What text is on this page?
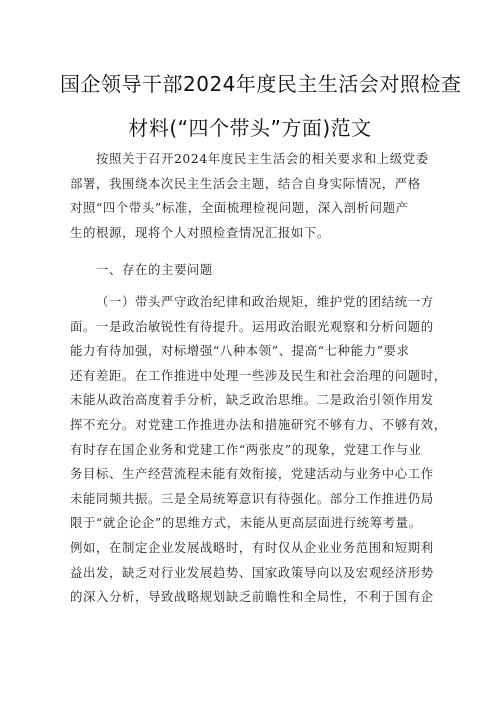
国企领导干部2024年度民主生活会对照检查
材料(“四个带头”方面)范文
按照关于召开2024年度民主生活会的相关要求和上级党委
部署，我围绕本次民主生活会主题，结合自身实际情况，严格
对照“四个带头”标准，全面梳理检视问题，深入剖析问题产
生的根源，现将个人对照检查情况汇报如下。
一、存在的主要问题
（一）带头严守政治纪律和政治规矩，维护党的团结统一方
面。一是政治敏锐性有待提升。运用政治眼光观察和分析问题的
能力有待加强，对标增强“八种本领”、提高“七种能力”要求
还有差距。在工作推进中处理一些涉及民生和社会治理的问题时，
未能从政治高度着手分析，缺乏政治思维。二是政治引领作用发
挥不充分。对党建工作推进办法和措施研究不够有力、不够有效，
有时存在国企业务和党建工作“两张皮”的现象，党建工作与业
务目标、生产经营流程未能有效衔接，党建活动与业务中心工作
未能同频共振。三是全局统筹意识有待强化。部分工作推进仍局
限于“就企论企”的思维方式，未能从更高层面进行统筹考量。
例如，在制定企业发展战略时，有时仅从企业业务范围和短期利
益出发，缺乏对行业发展趋势、国家政策导向以及宏观经济形势
的深入分析，导致战略规划缺乏前瞻性和全局性，不利于国有企
